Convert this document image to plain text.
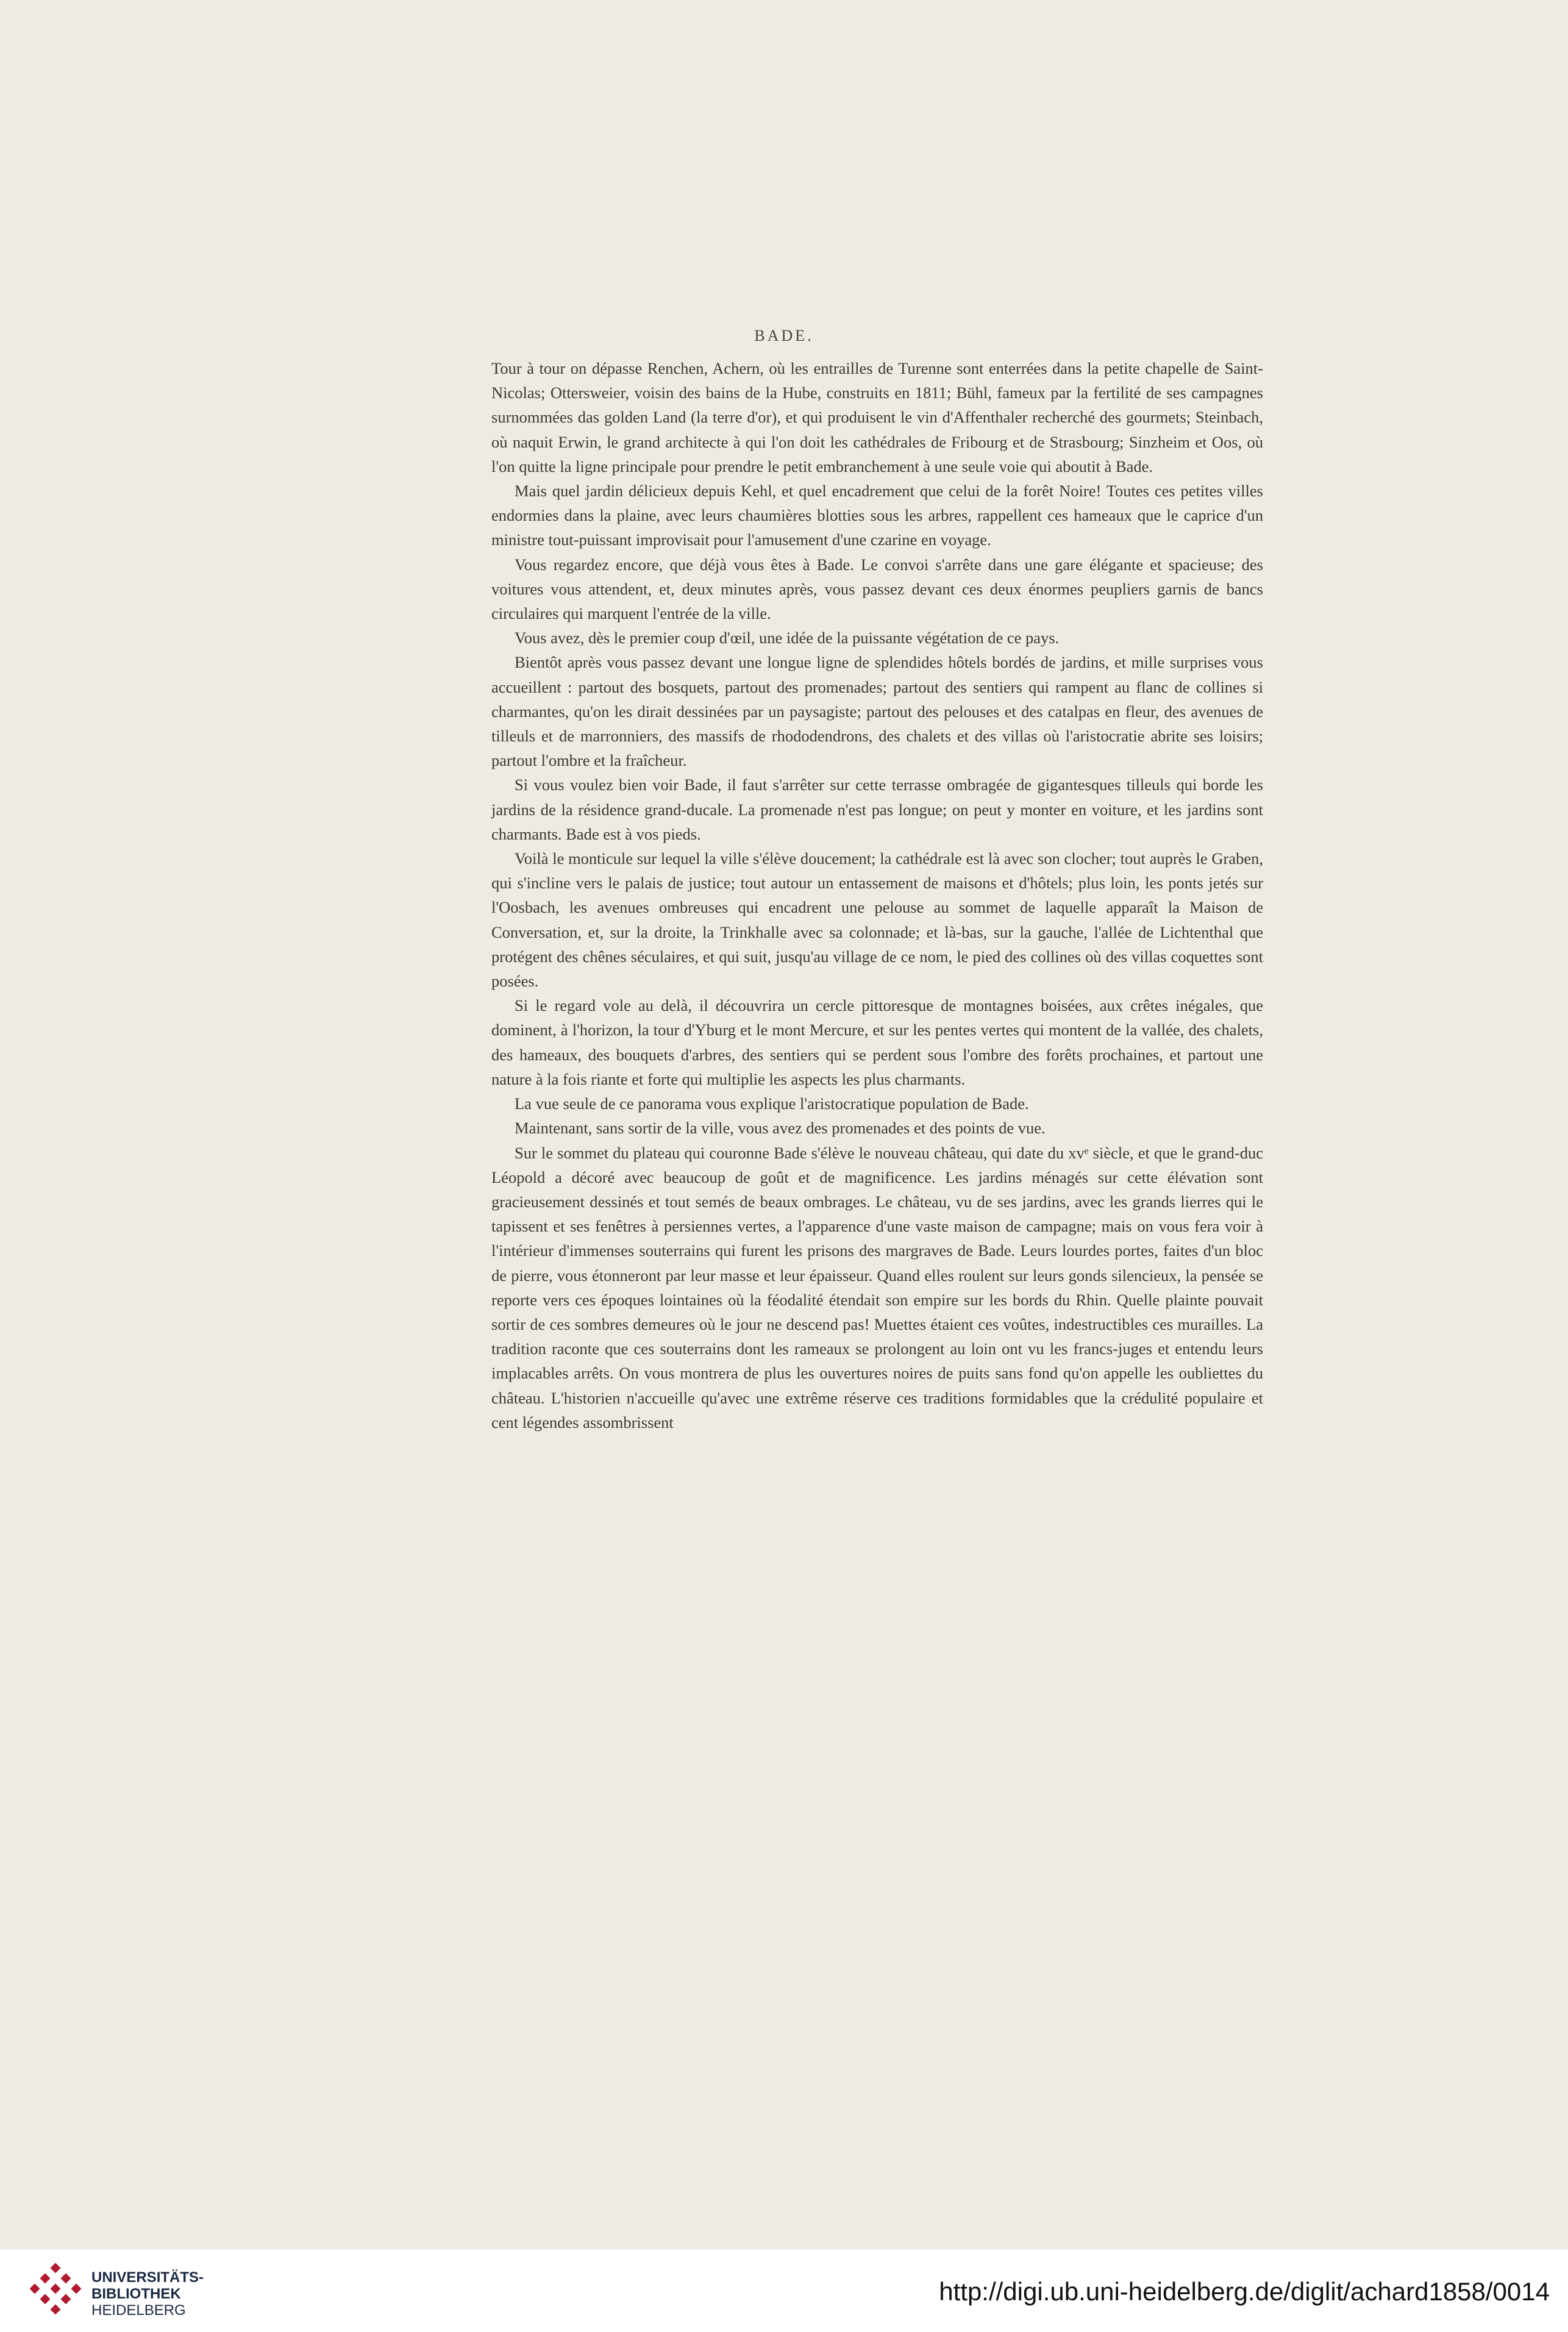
BADE.

Tour à tour on dépasse Renchen, Achern, où les entrailles de Turenne sont enterrées dans la petite chapelle de Saint-Nicolas; Ottersweier, voisin des bains de la Hube, construits en 1811; Bühl, fameux par la fertilité de ses campagnes surnommées das golden Land (la terre d'or), et qui produisent le vin d'Affenthaler recherché des gourmets; Steinbach, où naquit Erwin, le grand architecte à qui l'on doit les cathédrales de Fribourg et de Strasbourg; Sinzheim et Oos, où l'on quitte la ligne principale pour prendre le petit embranchement à une seule voie qui aboutit à Bade.

Mais quel jardin délicieux depuis Kehl, et quel encadrement que celui de la forêt Noire! Toutes ces petites villes endormies dans la plaine, avec leurs chaumières blotties sous les arbres, rappellent ces hameaux que le caprice d'un ministre tout-puissant improvisait pour l'amusement d'une czarine en voyage.

Vous regardez encore, que déjà vous êtes à Bade. Le convoi s'arrête dans une gare élégante et spacieuse; des voitures vous attendent, et, deux minutes après, vous passez devant ces deux énormes peupliers garnis de bancs circulaires qui marquent l'entrée de la ville.

Vous avez, dès le premier coup d'œil, une idée de la puissante végétation de ce pays.

Bientôt après vous passez devant une longue ligne de splendides hôtels bordés de jardins, et mille surprises vous accueillent : partout des bosquets, partout des promenades; partout des sentiers qui rampent au flanc de collines si charmantes, qu'on les dirait dessinées par un paysagiste; partout des pelouses et des catalpas en fleur, des avenues de tilleuls et de marronniers, des massifs de rhododendrons, des chalets et des villas où l'aristocratie abrite ses loisirs; partout l'ombre et la fraîcheur.

Si vous voulez bien voir Bade, il faut s'arrêter sur cette terrasse ombragée de gigantesques tilleuls qui borde les jardins de la résidence grand-ducale. La promenade n'est pas longue; on peut y monter en voiture, et les jardins sont charmants. Bade est à vos pieds.

Voilà le monticule sur lequel la ville s'élève doucement; la cathédrale est là avec son clocher; tout auprès le Graben, qui s'incline vers le palais de justice; tout autour un entassement de maisons et d'hôtels; plus loin, les ponts jetés sur l'Oosbach, les avenues ombreuses qui encadrent une pelouse au sommet de laquelle apparaît la Maison de Conversation, et, sur la droite, la Trinkhalle avec sa colonnade; et là-bas, sur la gauche, l'allée de Lichtenthal que protégent des chênes séculaires, et qui suit, jusqu'au village de ce nom, le pied des collines où des villas coquettes sont posées.

Si le regard vole au delà, il découvrira un cercle pittoresque de montagnes boisées, aux crêtes inégales, que dominent, à l'horizon, la tour d'Yburg et le mont Mercure, et sur les pentes vertes qui montent de la vallée, des chalets, des hameaux, des bouquets d'arbres, des sentiers qui se perdent sous l'ombre des forêts prochaines, et partout une nature à la fois riante et forte qui multiplie les aspects les plus charmants.

La vue seule de ce panorama vous explique l'aristocratique population de Bade.

Maintenant, sans sortir de la ville, vous avez des promenades et des points de vue.

Sur le sommet du plateau qui couronne Bade s'élève le nouveau château, qui date du xvᵉ siècle, et que le grand-duc Léopold a décoré avec beaucoup de goût et de magnificence. Les jardins ménagés sur cette élévation sont gracieusement dessinés et tout semés de beaux ombrages. Le château, vu de ses jardins, avec les grands lierres qui le tapissent et ses fenêtres à persiennes vertes, a l'apparence d'une vaste maison de campagne; mais on vous fera voir à l'intérieur d'immenses souterrains qui furent les prisons des margraves de Bade. Leurs lourdes portes, faites d'un bloc de pierre, vous étonneront par leur masse et leur épaisseur. Quand elles roulent sur leurs gonds silencieux, la pensée se reporte vers ces époques lointaines où la féodalité étendait son empire sur les bords du Rhin. Quelle plainte pouvait sortir de ces sombres demeures où le jour ne descend pas! Muettes étaient ces voûtes, indestructibles ces murailles. La tradition raconte que ces souterrains dont les rameaux se prolongent au loin ont vu les francs-juges et entendu leurs implacables arrêts. On vous montrera de plus les ouvertures noires de puits sans fond qu'on appelle les oubliettes du château. L'historien n'accueille qu'avec une extrême réserve ces traditions formidables que la crédulité populaire et cent légendes assombrissent

UNIVERSITÄTS-
BIBLIOTHEK
HEIDELBERG
http://digi.ub.uni-heidelberg.de/diglit/achard1858/0014
